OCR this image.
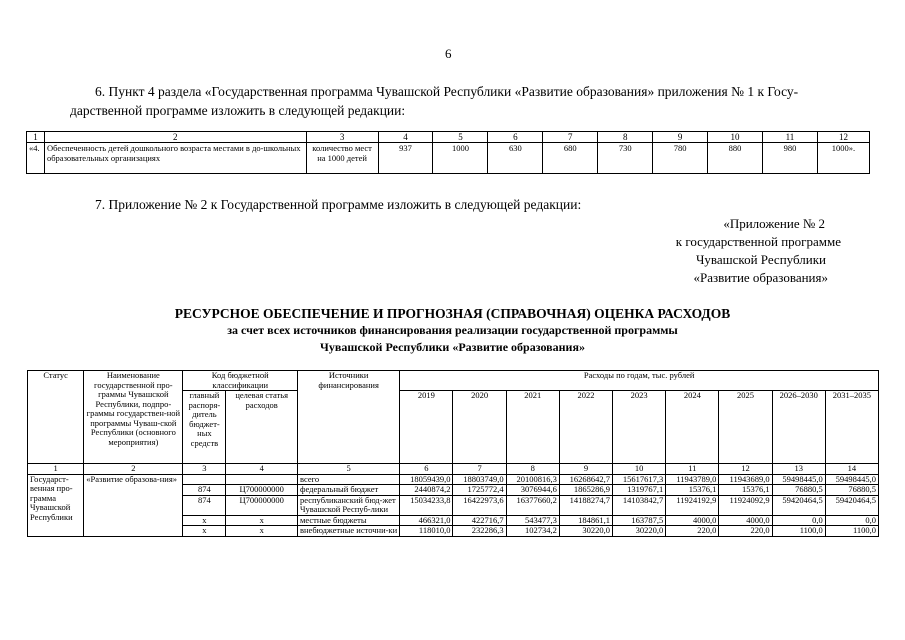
6
6. Пункт 4 раздела «Государственная программа Чувашской Республики «Развитие образования» приложения № 1 к Госу-
дарственной программе изложить в следующей редакции:
1	2	3	4	5	6	7	8	9	10	11	12
«4.	Обеспеченность детей дошкольного возраста местами в до-школьных образовательных организациях	количество мест на 1000 детей	937	1000	630	680	730	780	880	980	1000».
7. Приложение № 2 к Государственной программе изложить в следующей редакции:
«Приложение № 2
к государственной программе
Чувашской Республики
«Развитие образования»
РЕСУРСНОЕ ОБЕСПЕЧЕНИЕ И ПРОГНОЗНАЯ (СПРАВОЧНАЯ) ОЦЕНКА РАСХОДОВ
за счет всех источников финансирования реализации государственной программы
Чувашской Республики «Развитие образования»
Статус	Наименование государственной про-граммы Чувашской Республики, подпро-граммы государствен-ной программы Чуваш-ской Республики (основного мероприятия)	Код бюджетной классификации		Источники финансирования	Расходы по годам, тыс. рублей								
		главный распоря-дитель бюджет-ных средств	целевая статья расходов		2019	2020	2021	2022	2023	2024	2025	2026–2030	2031–2035
1	2	3	4	5	6	7	8	9	10	11	12	13	14
Государст-венная про-грамма Чувашской Республики	«Развитие образова-ния»			всего	18059439,0	18803749,0	20100816,3	16268642,7	15617617,3	11943789,0	11943689,0	59498445,0	59498445,0
		874	Ц700000000	федеральный бюджет	2440874,2	1725772,4	3076944,6	1865286,9	1319767,1	15376,1	15376,1	76880,5	76880,5
		874	Ц700000000	республиканский бюд-жет Чувашской Респуб-лики	15034233,8	16422973,6	16377660,2	14188274,7	14103842,7	11924192,9	11924092,9	59420464,5	59420464,5
		x	x	местные бюджеты	466321,0	422716,7	543477,3	184861,1	163787,5	4000,0	4000,0	0,0	0,0
		x	x	внебюджетные источни-ки	118010,0	232286,3	102734,2	30220,0	30220,0	220,0	220,0	1100,0	1100,0
